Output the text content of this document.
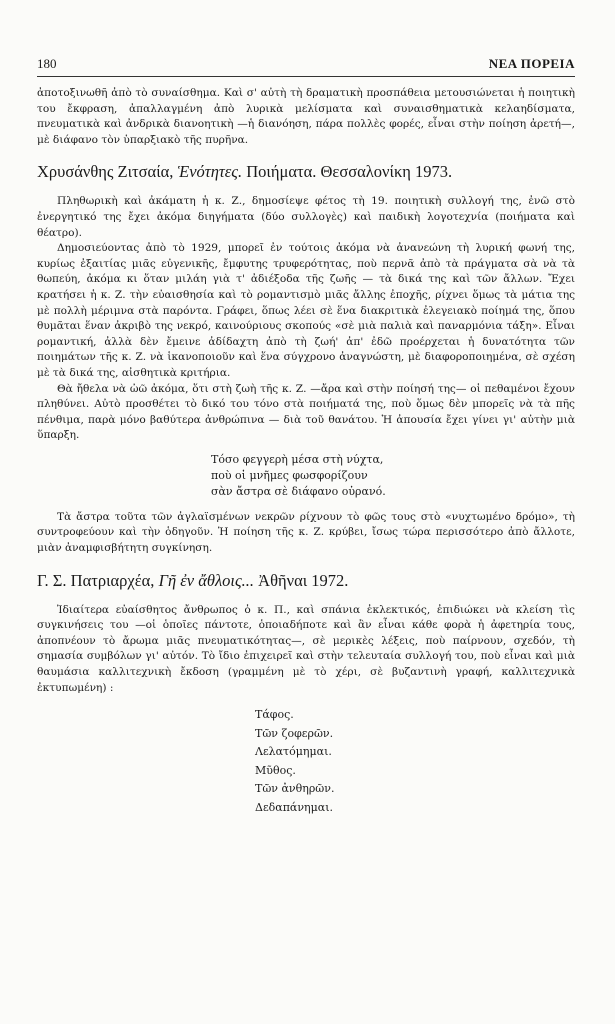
180	ΝΕΑ ΠΟΡΕΙΑ

ἀποτοξινωθῆ ἀπὸ τὸ συναίσθημα. Καὶ σ' αὐτὴ τὴ δραματικὴ προσπάθεια μετουσιώνεται ἡ ποιητικὴ του ἔκφραση, ἀπαλλαγμένη ἀπὸ λυρικὰ μελίσματα καὶ συναισθηματικὰ κελαηδίσματα, πνευματικὰ καὶ ἀνδρικὰ διανοητικὴ —ἡ διανόηση, πάρα πολλὲς φορές, εἶναι στὴν ποίηση ἀρετή—, μὲ διάφανο τὸν ὑπαρξιακὸ τῆς πυρῆνα.

Χρυσάνθης Ζιτσαία, Ἑνότητες. Ποιήματα. Θεσσαλονίκη 1973.

Πληθωρικὴ καὶ ἀκάματη ἡ κ. Ζ., δημοσίεψε φέτος τὴ 19. ποιητικὴ συλλογή της, ἐνῶ στὸ ἐνεργητικό της ἔχει ἀκόμα διηγήματα (δύο συλλογὲς) καὶ παιδικὴ λογοτεχνία (ποιήματα καὶ θέατρο).

Δημοσιεύοντας ἀπὸ τὸ 1929, μπορεῖ ἐν τούτοις ἀκόμα νὰ ἀνανεώνη τὴ λυρική φωνή της, κυρίως ἐξαιτίας μιᾶς εὐγενικῆς, ἔμφυτης τρυφερότητας, ποὺ περνᾶ ἀπὸ τὰ πράγματα σὰ νὰ τὰ θωπεύη, ἀκόμα κι ὅταν μιλάη γιὰ τ' ἀδιέξοδα τῆς ζωῆς — τὰ δικά της καὶ τῶν ἄλλων. Ἔχει κρατήσει ἡ κ. Ζ. τὴν εὐαισθησία καὶ τὸ ρομαντισμὸ μιᾶς ἄλλης ἐποχῆς, ρίχνει ὅμως τὰ μάτια της μὲ πολλὴ μέριμνα στὰ παρόντα. Γράφει, ὅπως λέει σὲ ἕνα διακριτικὰ ἐλεγειακὸ ποίημά της, ὅπου θυμᾶται ἕναν ἀκριβὸ της νεκρό, καινούριους σκοπούς «σὲ μιὰ παλιὰ καὶ παναρμόνια τάξη». Εἶναι ρομαντική, ἀλλὰ δὲν ἔμεινε ἀδίδαχτη ἀπὸ τὴ ζωή' ἀπ' ἐδῶ προέρχεται ἡ δυνατότητα τῶν ποιημάτων τῆς κ. Ζ. νὰ ἱκανοποιοῦν καὶ ἕνα σύγχρονο ἀναγνώστη, μὲ διαφοροποιημένα, σὲ σχέση μὲ τὰ δικά της, αἰσθητικὰ κριτήρια.

Θὰ ἤθελα νὰ ὠῶ ἀκόμα, ὅτι στὴ ζωὴ τῆς κ. Ζ. —ἄρα καὶ στὴν ποίησή της— οἱ πεθαμένοι ἔχουν πληθύνει. Αὐτὸ προσθέτει τὸ δικό του τόνο στὰ ποιήματά της, ποὺ ὅμως δὲν μπορεῖς νὰ τὰ πῆς πένθιμα, παρὰ μόνο βαθύτερα ἀνθρώπινα — διὰ τοῦ θανάτου. Ἡ ἀπουσία ἔχει γίνει γι' αὐτὴν μιὰ ὕπαρξη.

Τόσο φεγγερὴ μέσα στὴ νύχτα,
ποὺ οἱ μνῆμες φωσφορίζουν
σὰν ἄστρα σὲ διάφανο οὐρανό.

Τὰ ἄστρα τοῦτα τῶν ἀγλαϊσμένων νεκρῶν ρίχνουν τὸ φῶς τους στὸ «νυχτωμένο δρόμο», τὴ συντροφεύουν καὶ τὴν ὁδηγοῦν. Ἡ ποίηση τῆς κ. Ζ. κρύβει, ἴσως τώρα περισσότερο ἀπὸ ἄλλοτε, μιὰν ἀναμφισβήτητη συγκίνηση.

Γ. Σ. Πατριαρχέα, Γῆ ἐν ἄθλοις... Ἀθῆναι 1972.

Ἰδιαίτερα εὐαίσθητος ἄνθρωπος ὁ κ. Π., καὶ σπάνια ἐκλεκτικός, ἐπιδιώκει νὰ κλείση τὶς συγκινήσεις του —οἱ ὁποῖες πάντοτε, ὁποιαδήποτε καὶ ἂν εἶναι κάθε φορὰ ἡ ἀφετηρία τους, ἀποπνέουν τὸ ἄρωμα μιᾶς πνευματικότητας—, σὲ μερικὲς λέξεις, ποὺ παίρνουν, σχεδόν, τὴ σημασία συμβόλων γι' αὐτόν. Τὸ ἴδιο ἐπιχειρεῖ καὶ στὴν τελευταία συλλογή του, ποὺ εἶναι καὶ μιὰ θαυμάσια καλλιτεχνικὴ ἔκδοση (γραμμένη μὲ τὸ χέρι, σὲ βυζαντινὴ γραφή, καλλιτεχνικὰ ἐκτυπωμένη) :

Τάφος.
Τῶν ζοφερῶν.
Λελατόμημαι.
Μῦθος.
Τῶν ἀνθηρῶν.
Δεδαπάνημαι.
